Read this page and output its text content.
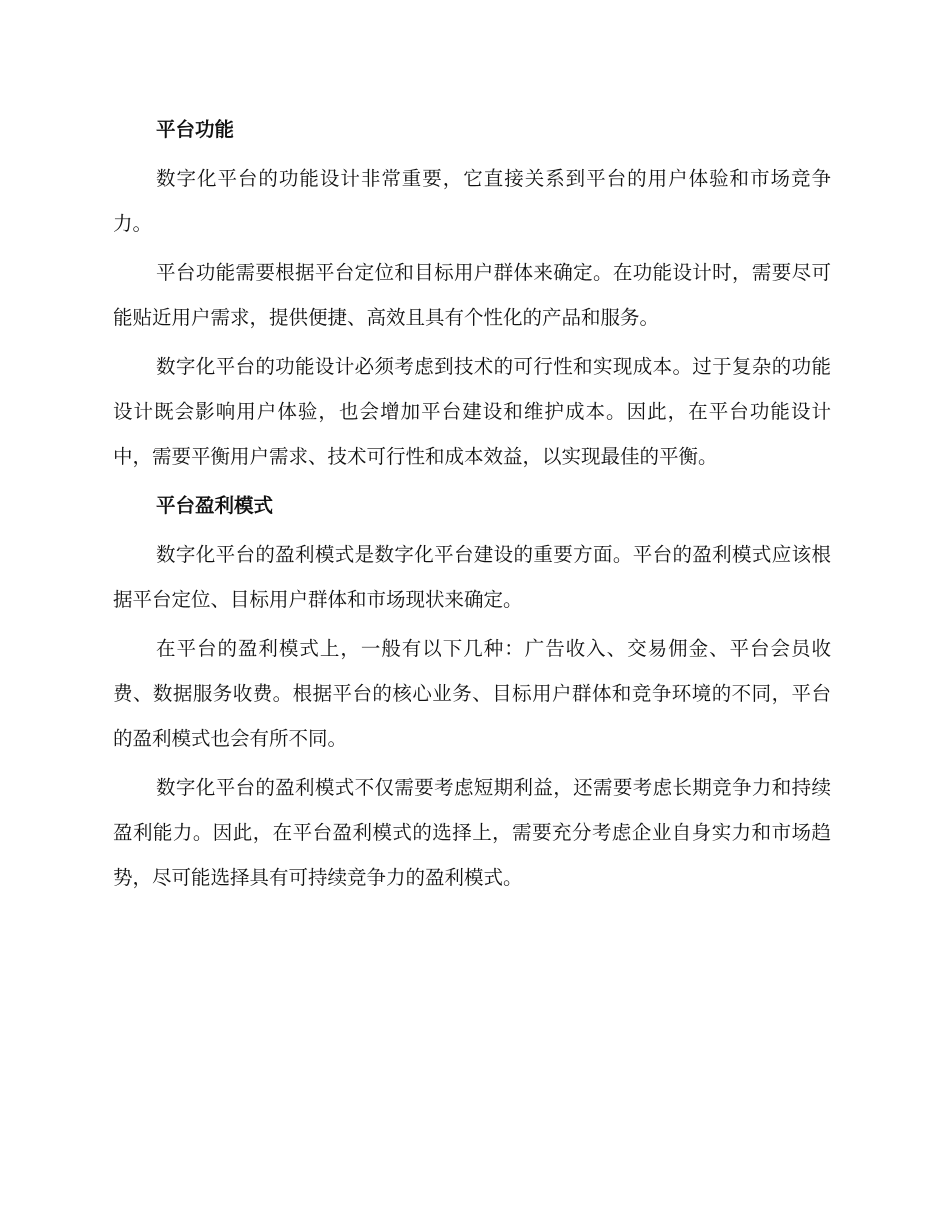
平台功能

数字化平台的功能设计非常重要，它直接关系到平台的用户体验和市场竞争力。

平台功能需要根据平台定位和目标用户群体来确定。在功能设计时，需要尽可能贴近用户需求，提供便捷、高效且具有个性化的产品和服务。

数字化平台的功能设计必须考虑到技术的可行性和实现成本。过于复杂的功能设计既会影响用户体验，也会增加平台建设和维护成本。因此，在平台功能设计中，需要平衡用户需求、技术可行性和成本效益，以实现最佳的平衡。

平台盈利模式

数字化平台的盈利模式是数字化平台建设的重要方面。平台的盈利模式应该根据平台定位、目标用户群体和市场现状来确定。

在平台的盈利模式上，一般有以下几种：广告收入、交易佣金、平台会员收费、数据服务收费。根据平台的核心业务、目标用户群体和竞争环境的不同，平台的盈利模式也会有所不同。

数字化平台的盈利模式不仅需要考虑短期利益，还需要考虑长期竞争力和持续盈利能力。因此，在平台盈利模式的选择上，需要充分考虑企业自身实力和市场趋势，尽可能选择具有可持续竞争力的盈利模式。
